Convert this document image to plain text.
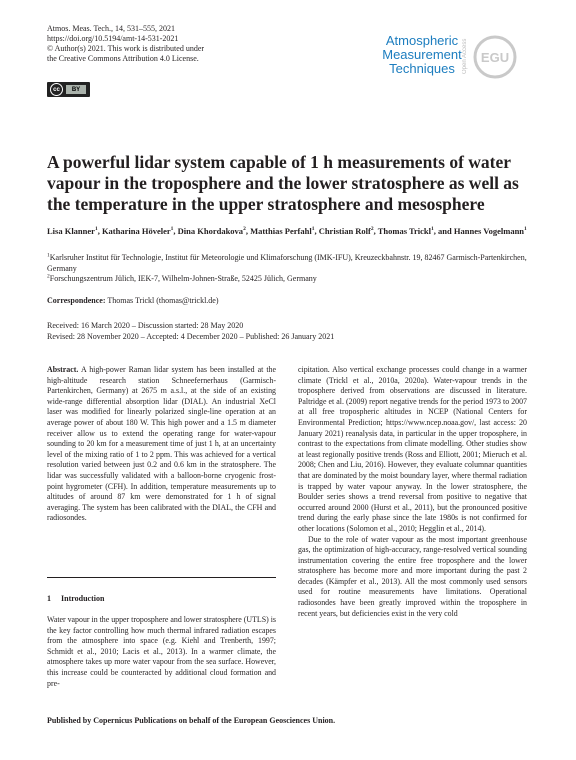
Atmos. Meas. Tech., 14, 531–555, 2021
https://doi.org/10.5194/amt-14-531-2021
© Author(s) 2021. This work is distributed under
the Creative Commons Attribution 4.0 License.
cc	BY
Atmospheric
Measurement
Techniques	Open Access EGU
A powerful lidar system capable of 1 h measurements of water vapour in the troposphere and the lower stratosphere as well as the temperature in the upper stratosphere and mesosphere
Lisa Klanner$^1$, Katharina Höveler$^1$, Dina Khordakova$^2$, Matthias Perfahl$^1$, Christian Rolf$^2$, Thomas Trickl$^1$, and Hannes Vogelmann$^1$
$^1$Karlsruher Institut für Technologie, Institut für Meteorologie und Klimaforschung (IMK-IFU), Kreuzeckbahnstr. 19, 82467 Garmisch-Partenkirchen, Germany
$^2$Forschungszentrum Jülich, IEK-7, Wilhelm-Johnen-Straße, 52425 Jülich, Germany
Correspondence: Thomas Trickl (thomas@trickl.de)
Received: 16 March 2020 – Discussion started: 28 May 2020
Revised: 28 November 2020 – Accepted: 4 December 2020 – Published: 26 January 2021

Abstract. A high-power Raman lidar system has been installed at the high-altitude research station Schneefernerhaus (Garmisch-Partenkirchen, Germany) at 2675 m a.s.l., at the side of an existing wide-range differential absorption lidar (DIAL). An industrial XeCl laser was modified for linearly polarized single-line operation at an average power of about 180 W. This high power and a 1.5 m diameter receiver allow us to extend the operating range for water-vapour sounding to 20 km for a measurement time of just 1 h, at an uncertainty level of the mixing ratio of 1 to 2 ppm. This was achieved for a vertical resolution varied between just 0.2 and 0.6 km in the stratosphere. The lidar was successfully validated with a balloon-borne cryogenic frost-point hygrometer (CFH). In addition, temperature measurements up to altitudes of around 87 km were demonstrated for 1 h of signal averaging. The system has been calibrated with the DIAL, the CFH and radiosondes.

1 Introduction

Water vapour in the upper troposphere and lower stratosphere (UTLS) is the key factor controlling how much thermal infrared radiation escapes from the atmosphere into space (e.g. Kiehl and Trenberth, 1997; Schmidt et al., 2010; Lacis et al., 2013). In a warmer climate, the atmosphere takes up more water vapour from the sea surface. However, this increase could be counteracted by additional cloud formation and pre-

cipitation. Also vertical exchange processes could change in a warmer climate (Trickl et al., 2010a, 2020a). Water-vapour trends in the troposphere derived from observations are discussed in literature. Paltridge et al. (2009) report negative trends for the period 1973 to 2007 at all free tropospheric altitudes in NCEP (National Centers for Environmental Prediction; https://www.ncep.noaa.gov/, last access: 20 January 2021) reanalysis data, in particular in the upper troposphere, in contrast to the expectations from climate modelling. Other studies show at least regionally positive trends (Ross and Elliott, 2001; Mieruch et al. 2008; Chen and Liu, 2016). However, they evaluate columnar quantities that are dominated by the moist boundary layer, where thermal radiation is trapped by water vapour anyway. In the lower stratosphere, the Boulder series shows a trend reversal from positive to negative that occurred around 2000 (Hurst et al., 2011), but the pronounced positive trend during the early phase since the late 1980s is not confirmed for other locations (Solomon et al., 2010; Hegglin et al., 2014).

Due to the role of water vapour as the most important greenhouse gas, the optimization of high-accuracy, range-resolved vertical sounding instrumentation covering the entire free troposphere and the lower stratosphere has become more and more important during the past 2 decades (Kämpfer et al., 2013). All the most commonly used sensors used for routine measurements have limitations. Operational radiosondes have been greatly improved within the troposphere in recent years, but deficiencies exist in the very cold

Published by Copernicus Publications on behalf of the European Geosciences Union.
